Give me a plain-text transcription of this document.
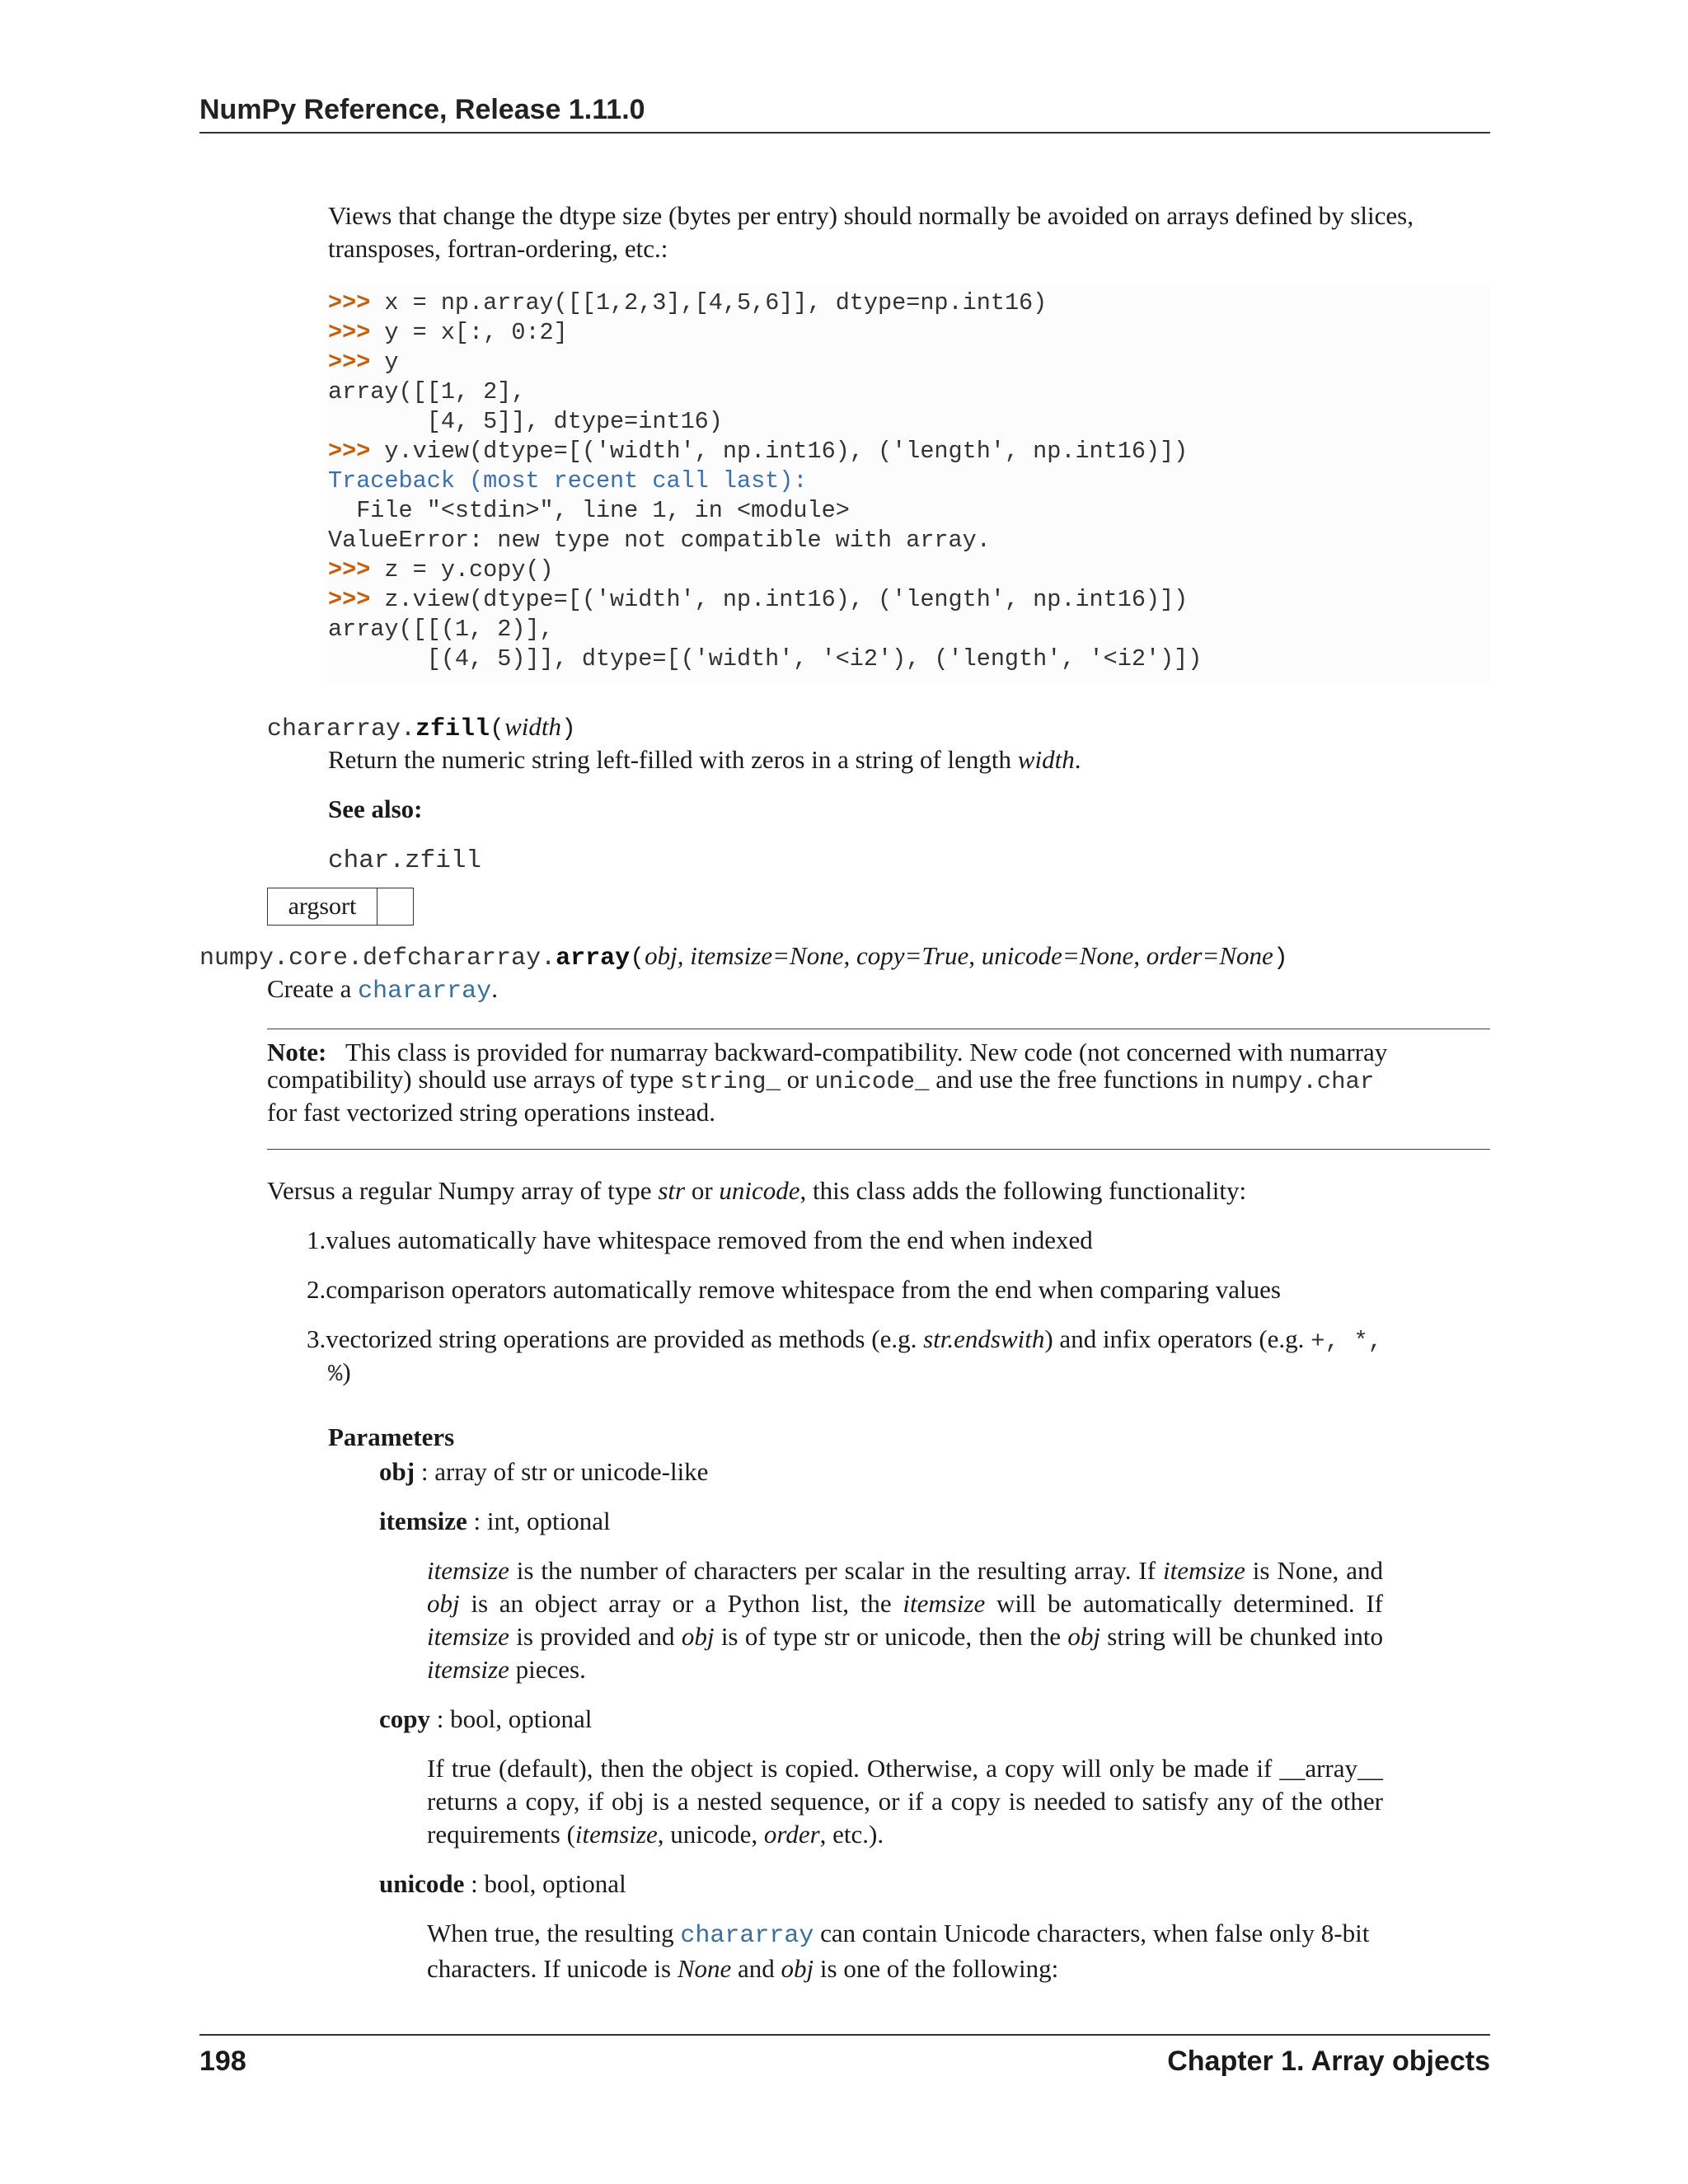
NumPy Reference, Release 1.11.0

Views that change the dtype size (bytes per entry) should normally be avoided on arrays defined by slices,

transposes, fortran-ordering, etc.:

>>> x = np.array([[1,2,3],[4,5,6]], dtype=np.int16)
>>> y = x[:, 0:2]
>>> y
array([[1, 2],
[4, 5]], dtype=int16)
>>> y.view(dtype=[('width', np.int16), ('length', np.int16)])
Traceback (most recent call last):
File "<stdin>", line 1, in <module>
ValueError: new type not compatible with array.
>>> z = y.copy()
>>> z.view(dtype=[('width', np.int16), ('length', np.int16)])
array([[(1, 2)],
[(4, 5)]], dtype=[('width', '<i2'), ('length', '<i2')])
chararray.zfill(width)
Return the numeric string left-filled with zeros in a string of length width.
See also:
char.zfill
argsort
numpy.core.defchararray.array(obj, itemsize=None, copy=True, unicode=None, order=None)
Create a chararray.

Note: This class is provided for numarray backward-compatibility. New code (not concerned with numarray

compatibility) should use arrays of type string_ or unicode_ and use the free functions in numpy.char

for fast vectorized string operations instead.

Versus a regular Numpy array of type str or unicode, this class adds the following functionality:
1.values automatically have whitespace removed from the end when indexed
2.comparison operators automatically remove whitespace from the end when comparing values
3.vectorized string operations are provided as methods (e.g. str.endswith) and infix operators (e.g. +, *,
%)
Parameters
obj : array of str or unicode-like
itemsize : int, optional
itemsize is the number of characters per scalar in the resulting array. If itemsize is None, and obj is an object array or a Python list, the itemsize will be automatically determined. If itemsize is provided and obj is of type str or unicode, then the obj string will be chunked into itemsize pieces.
copy : bool, optional
If true (default), then the object is copied. Otherwise, a copy will only be made if __array__ returns a copy, if obj is a nested sequence, or if a copy is needed to satisfy any of the other requirements (itemsize, unicode, order, etc.).
unicode : bool, optional
When true, the resulting chararray can contain Unicode characters, when false only 8-bit characters. If unicode is None and obj is one of the following:
198	Chapter 1. Array objects
